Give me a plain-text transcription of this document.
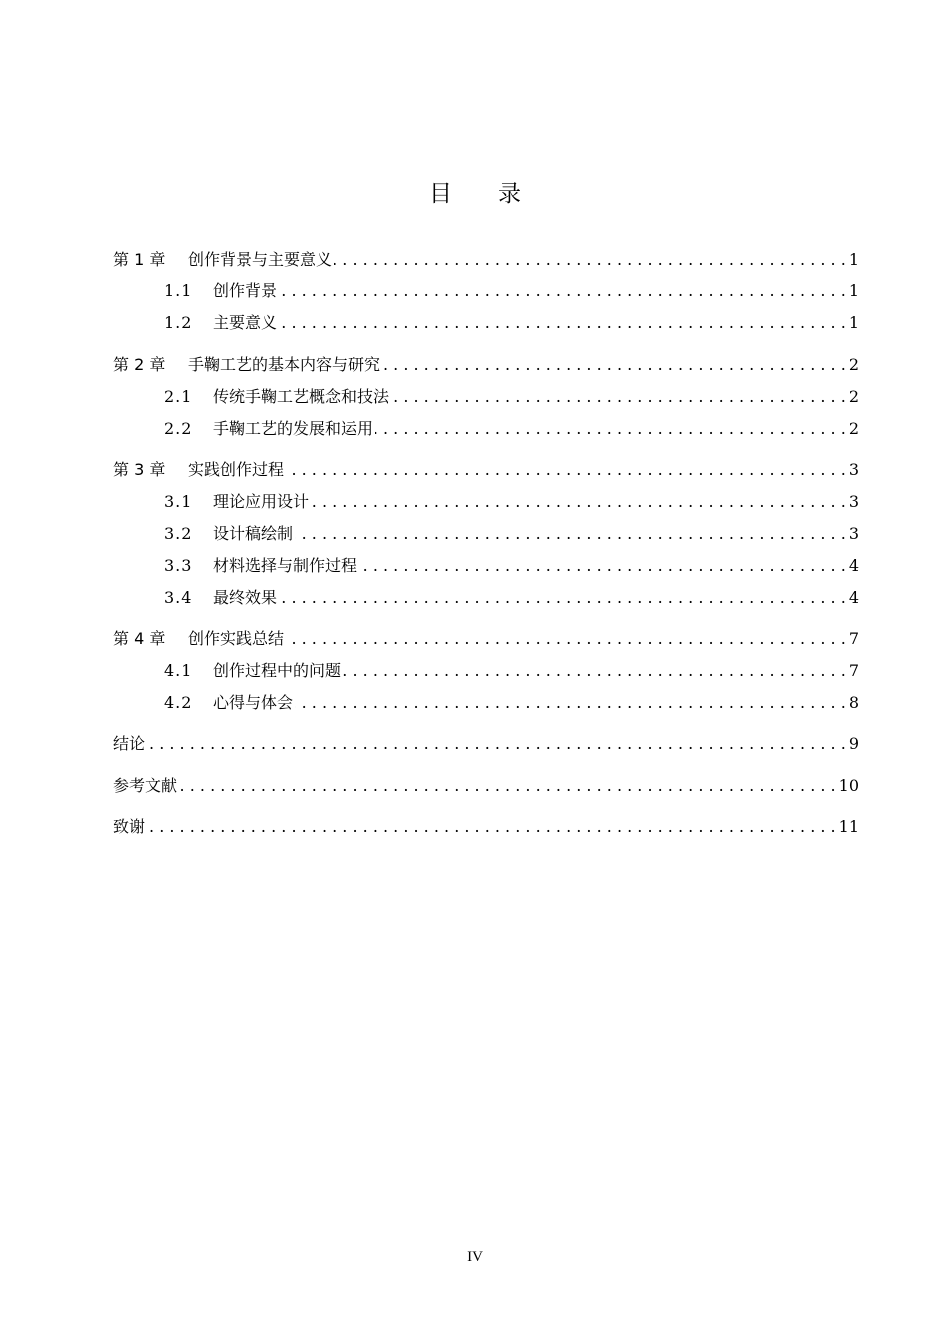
目录
第 1 章	创作背景与主要意义 . . .	1
1.1	创作背景 . . .	1
1.2	主要意义 . . .	1
第 2 章	手鞠工艺的基本内容与研究 . . .	2
2.1	传统手鞠工艺概念和技法 . . .	2
2.2	手鞠工艺的发展和运用 . . .	2
第 3 章	实践创作过程 . . .	3
3.1	理论应用设计 . . .	3
3.2	设计稿绘制 . . .	3
3.3	材料选择与制作过程 . . .	4
3.4	最终效果 . . .	4
第 4 章	创作实践总结 . . .	7
4.1	创作过程中的问题 . . .	7
4.2	心得与体会 . . .	8
结论 . . .	9
参考文献 . . .	10
致谢 . . .	11
IV
